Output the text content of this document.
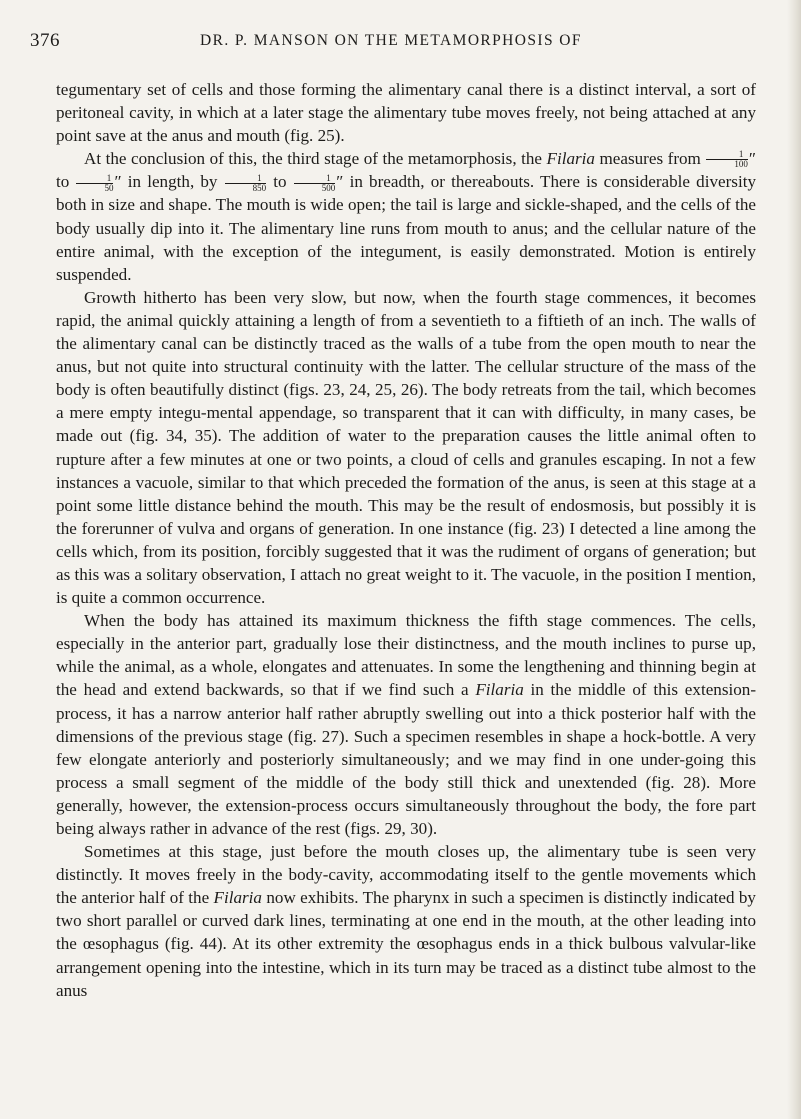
376	DR. P. MANSON ON THE METAMORPHOSIS OF

tegumentary set of cells and those forming the alimentary canal there is a distinct interval, a sort of peritoneal cavity, in which at a later stage the alimentary tube moves freely, not being attached at any point save at the anus and mouth (fig. 25).

At the conclusion of this, the third stage of the metamorphosis, the Filaria measures from $\frac{1}{100}$ ″ to $\frac{1}{50}$ ″ in length, by $\frac{1}{850}$ to $\frac{1}{500}$ ″ in breadth, or thereabouts. There is considerable diversity both in size and shape. The mouth is wide open; the tail is large and sickle-shaped, and the cells of the body usually dip into it. The alimentary line runs from mouth to anus; and the cellular nature of the entire animal, with the exception of the integument, is easily demonstrated. Motion is entirely suspended.

Growth hitherto has been very slow, but now, when the fourth stage commences, it becomes rapid, the animal quickly attaining a length of from a seventieth to a fiftieth of an inch. The walls of the alimentary canal can be distinctly traced as the walls of a tube from the open mouth to near the anus, but not quite into structural continuity with the latter. The cellular structure of the mass of the body is often beautifully distinct (figs. 23, 24, 25, 26). The body retreats from the tail, which becomes a mere empty integu-mental appendage, so transparent that it can with difficulty, in many cases, be made out (fig. 34, 35). The addition of water to the preparation causes the little animal often to rupture after a few minutes at one or two points, a cloud of cells and granules escaping. In not a few instances a vacuole, similar to that which preceded the formation of the anus, is seen at this stage at a point some little distance behind the mouth. This may be the result of endosmosis, but possibly it is the forerunner of vulva and organs of generation. In one instance (fig. 23) I detected a line among the cells which, from its position, forcibly suggested that it was the rudiment of organs of generation; but as this was a solitary observation, I attach no great weight to it. The vacuole, in the position I mention, is quite a common occurrence.

When the body has attained its maximum thickness the fifth stage commences. The cells, especially in the anterior part, gradually lose their distinctness, and the mouth inclines to purse up, while the animal, as a whole, elongates and attenuates. In some the lengthening and thinning begin at the head and extend backwards, so that if we find such a Filaria in the middle of this extension-process, it has a narrow anterior half rather abruptly swelling out into a thick posterior half with the dimensions of the previous stage (fig. 27). Such a specimen resembles in shape a hock-bottle. A very few elongate anteriorly and posteriorly simultaneously; and we may find in one under-going this process a small segment of the middle of the body still thick and unextended (fig. 28). More generally, however, the extension-process occurs simultaneously throughout the body, the fore part being always rather in advance of the rest (figs. 29, 30).

Sometimes at this stage, just before the mouth closes up, the alimentary tube is seen very distinctly. It moves freely in the body-cavity, accommodating itself to the gentle movements which the anterior half of the Filaria now exhibits. The pharynx in such a specimen is distinctly indicated by two short parallel or curved dark lines, terminating at one end in the mouth, at the other leading into the œsophagus (fig. 44). At its other extremity the œsophagus ends in a thick bulbous valvular-like arrangement opening into the intestine, which in its turn may be traced as a distinct tube almost to the anus
